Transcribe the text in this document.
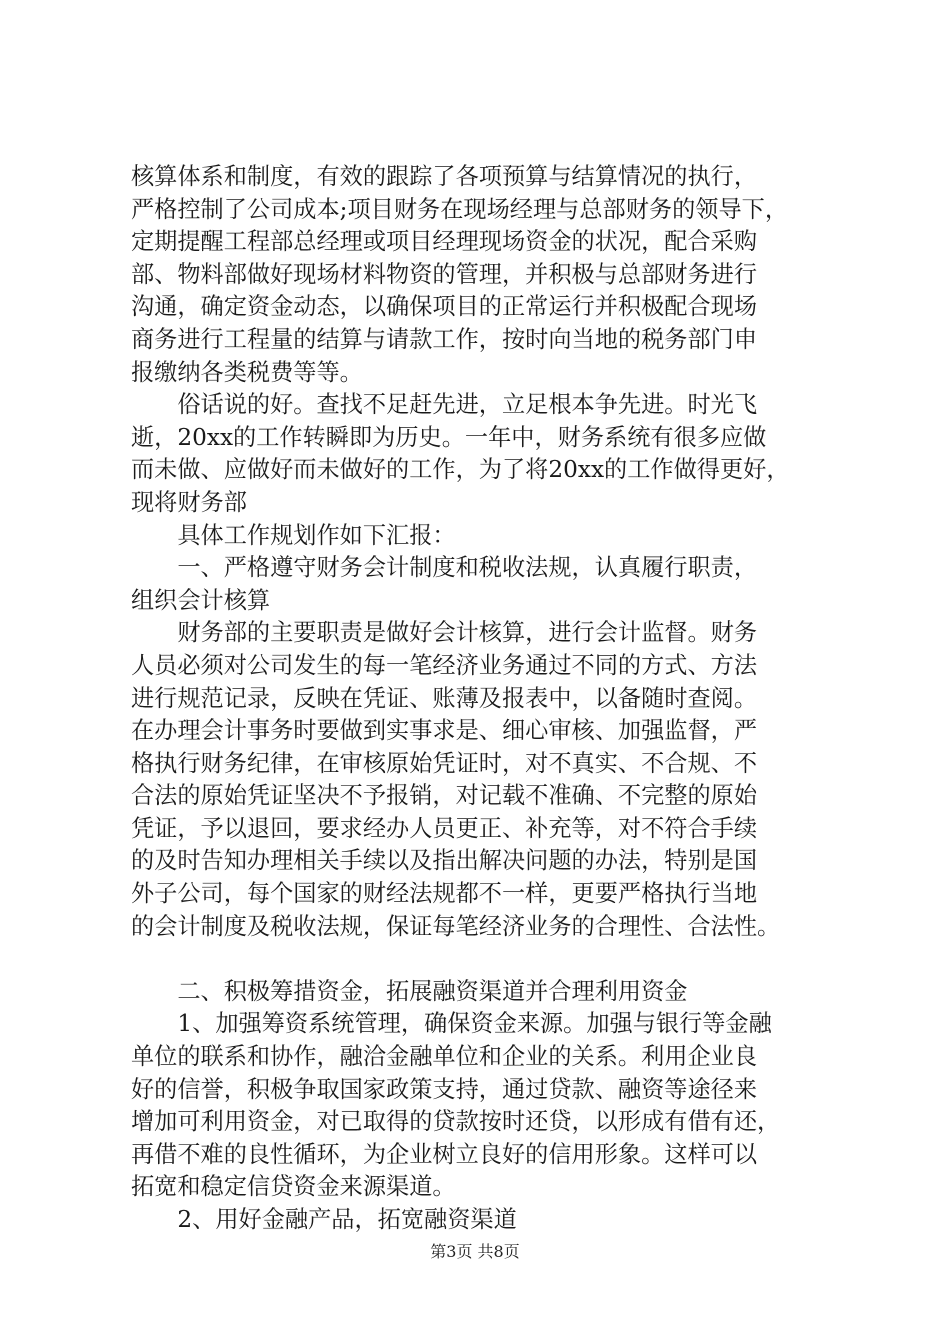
核算体系和制度，有效的跟踪了各项预算与结算情况的执行，
严格控制了公司成本;项目财务在现场经理与总部财务的领导下，
定期提醒工程部总经理或项目经理现场资金的状况，配合采购
部、物料部做好现场材料物资的管理，并积极与总部财务进行
沟通，确定资金动态，以确保项目的正常运行并积极配合现场
商务进行工程量的结算与请款工作，按时向当地的税务部门申
报缴纳各类税费等等。
　　俗话说的好。查找不足赶先进，立足根本争先进。时光飞
逝，20xx的工作转瞬即为历史。一年中，财务系统有很多应做
而未做、应做好而未做好的工作，为了将20xx的工作做得更好，
现将财务部
　　具体工作规划作如下汇报：
　　一、严格遵守财务会计制度和税收法规，认真履行职责，
组织会计核算
　　财务部的主要职责是做好会计核算，进行会计监督。财务
人员必须对公司发生的每一笔经济业务通过不同的方式、方法
进行规范记录，反映在凭证、账薄及报表中，以备随时查阅。
在办理会计事务时要做到实事求是、细心审核、加强监督，严
格执行财务纪律，在审核原始凭证时，对不真实、不合规、不
合法的原始凭证坚决不予报销，对记载不准确、不完整的原始
凭证，予以退回，要求经办人员更正、补充等，对不符合手续
的及时告知办理相关手续以及指出解决问题的办法，特别是国
外子公司，每个国家的财经法规都不一样，更要严格执行当地
的会计制度及税收法规，保证每笔经济业务的合理性、合法性。
　　二、积极筹措资金，拓展融资渠道并合理利用资金
　　1、加强筹资系统管理，确保资金来源。加强与银行等金融
单位的联系和协作，融洽金融单位和企业的关系。利用企业良
好的信誉，积极争取国家政策支持，通过贷款、融资等途径来
增加可利用资金，对已取得的贷款按时还贷，以形成有借有还，
再借不难的良性循环，为企业树立良好的信用形象。这样可以
拓宽和稳定信贷资金来源渠道。
　　2、用好金融产品，拓宽融资渠道
第3页 共8页
